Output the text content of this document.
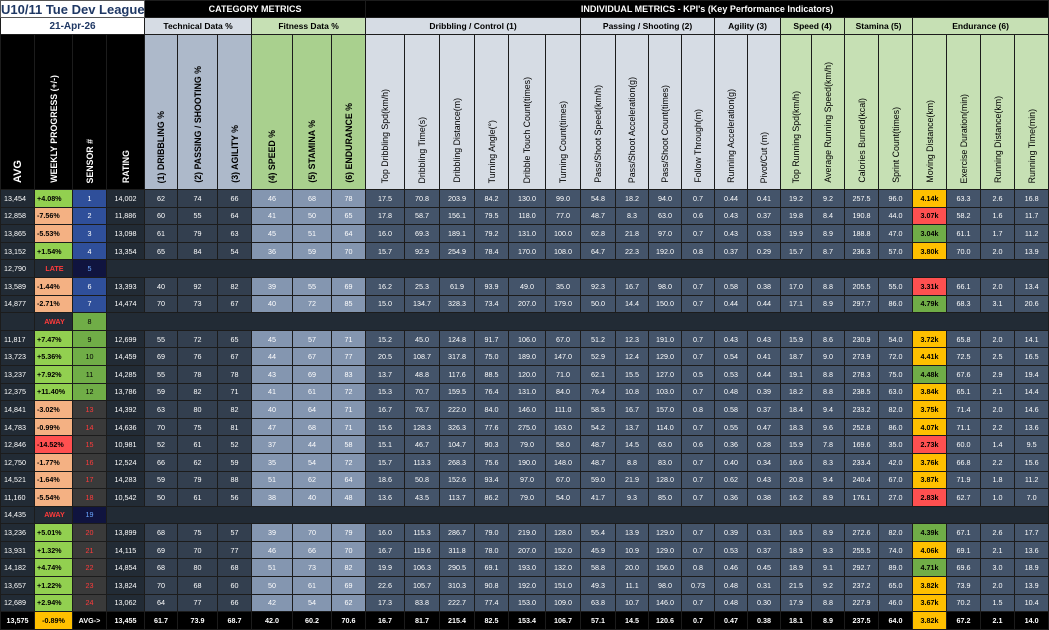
U10/11 Tue Dev League				CATEGORY METRICS						INDIVIDUAL METRICS - KPI's (Key Performance Indicators)																			
21-Apr-26				Technical Data %			Fitness Data %			Dribbling / Control (1)						Passing / Shooting (2)				Agility (3)		Speed (4)		Stamina (5)		Endurance (6)			
AVG	WEEKLY PROGRESS (+/-)	SENSOR #	RATING	(1) DRIBBLING %	(2) PASSING / SHOOTING %	(3) AGILITY %	(4) SPEED %	(5) STAMINA %	(6) ENDURANCE %	Top Dribbling Spd(km/h)	Dribbling Time(s)	Dribbling Distance(m)	Turning Angle(°)	Dribble Touch Count(times)	Turning Count(times)	Pass/Shoot Speed(km/h)	Pass/Shoot Acceleration(g)	Pass/Shoot Count(times)	Follow Through(m)	Running Acceleration(g)	Pivot/Cut (m)	Top Running Spd(km/h)	Average Running Speed(km/h)	Calories Burned(kcal)	Sprint Count(times)	Moving Distance(km)	Exercise Duration(min)	Running Distance(km)	Running Time(min)
13,454	+4.08%	1	14,002	62	74	66	46	68	78	17.5	70.8	203.9	84.2	130.0	99.0	54.8	18.2	94.0	0.7	0.44	0.41	19.2	9.2	257.5	96.0	4.14k	63.3	2.6	16.8
12,858	-7.56%	2	11,886	60	55	64	41	50	65	17.8	58.7	156.1	79.5	118.0	77.0	48.7	8.3	63.0	0.6	0.43	0.37	19.8	8.4	190.8	44.0	3.07k	58.2	1.6	11.7
13,865	-5.53%	3	13,098	61	79	63	45	51	64	16.0	69.3	189.1	79.2	131.0	100.0	62.8	21.8	97.0	0.7	0.43	0.33	19.9	8.9	188.8	47.0	3.04k	61.1	1.7	11.2
13,152	+1.54%	4	13,354	65	84	54	36	59	70	15.7	92.9	254.9	78.4	170.0	108.0	64.7	22.3	192.0	0.8	0.37	0.29	15.7	8.7	236.3	57.0	3.80k	70.0	2.0	13.9
12,790	LATE	5																											
13,589	-1.44%	6	13,393	40	92	82	39	55	69	16.2	25.3	61.9	93.9	49.0	35.0	92.3	16.7	98.0	0.7	0.58	0.38	17.0	8.8	205.5	55.0	3.31k	66.1	2.0	13.4
14,877	-2.71%	7	14,474	70	73	67	40	72	85	15.0	134.7	328.3	73.4	207.0	179.0	50.0	14.4	150.0	0.7	0.44	0.44	17.1	8.9	297.7	86.0	4.79k	68.3	3.1	20.6
	AWAY	8																											
11,817	+7.47%	9	12,699	55	72	65	45	57	71	15.2	45.0	124.8	91.7	106.0	67.0	51.2	12.3	191.0	0.7	0.43	0.43	15.9	8.6	230.9	54.0	3.72k	65.8	2.0	14.1
13,723	+5.36%	10	14,459	69	76	67	44	67	77	20.5	108.7	317.8	75.0	189.0	147.0	52.9	12.4	129.0	0.7	0.54	0.41	18.7	9.0	273.9	72.0	4.41k	72.5	2.5	16.5
13,237	+7.92%	11	14,285	55	78	78	43	69	83	13.7	48.8	117.6	88.5	120.0	71.0	62.1	15.5	127.0	0.5	0.53	0.44	19.1	8.8	278.3	75.0	4.48k	67.6	2.9	19.4
12,375	+11.40%	12	13,786	59	82	71	41	61	72	15.3	70.7	159.5	76.4	131.0	84.0	76.4	10.8	103.0	0.7	0.48	0.39	18.2	8.8	238.5	63.0	3.84k	65.1	2.1	14.4
14,841	-3.02%	13	14,392	63	80	82	40	64	71	16.7	76.7	222.0	84.0	146.0	111.0	58.5	16.7	157.0	0.8	0.58	0.37	18.4	9.4	233.2	82.0	3.75k	71.4	2.0	14.6
14,783	-0.99%	14	14,636	70	75	81	47	68	71	15.6	128.3	326.3	77.6	275.0	163.0	54.2	13.7	114.0	0.7	0.55	0.47	18.3	9.6	252.8	86.0	4.07k	71.1	2.2	13.6
12,846	-14.52%	15	10,981	52	61	52	37	44	58	15.1	46.7	104.7	90.3	79.0	58.0	48.7	14.5	63.0	0.6	0.36	0.28	15.9	7.8	169.6	35.0	2.73k	60.0	1.4	9.5
12,750	-1.77%	16	12,524	66	62	59	35	54	72	15.7	113.3	268.3	75.6	190.0	148.0	48.7	8.8	83.0	0.7	0.40	0.34	16.6	8.3	233.4	42.0	3.76k	66.8	2.2	15.6
14,521	-1.64%	17	14,283	59	79	88	51	62	64	18.6	50.8	152.6	93.4	97.0	67.0	59.0	21.9	128.0	0.7	0.62	0.43	20.8	9.4	240.4	67.0	3.87k	71.9	1.8	11.2
11,160	-5.54%	18	10,542	50	61	56	38	40	48	13.6	43.5	113.7	86.2	79.0	54.0	41.7	9.3	85.0	0.7	0.36	0.38	16.2	8.9	176.1	27.0	2.83k	62.7	1.0	7.0
14,435	AWAY	19																											
13,236	+5.01%	20	13,899	68	75	57	39	70	79	16.0	115.3	286.7	79.0	219.0	128.0	55.4	13.9	129.0	0.7	0.39	0.31	16.5	8.9	272.6	82.0	4.39k	67.1	2.6	17.7
13,931	+1.32%	21	14,115	69	70	77	46	66	70	16.7	119.6	311.8	78.0	207.0	152.0	45.9	10.9	129.0	0.7	0.53	0.37	18.9	9.3	255.5	74.0	4.06k	69.1	2.1	13.6
14,182	+4.74%	22	14,854	68	80	68	51	73	82	19.9	106.3	290.5	69.1	193.0	132.0	58.8	20.0	156.0	0.8	0.46	0.45	18.9	9.1	292.7	89.0	4.71k	69.6	3.0	18.9
13,657	+1.22%	23	13,824	70	68	60	50	61	69	22.6	105.7	310.3	90.8	192.0	151.0	49.3	11.1	98.0	0.73	0.48	0.31	21.5	9.2	237.2	65.0	3.82k	73.9	2.0	13.9
12,689	+2.94%	24	13,062	64	77	66	42	54	62	17.3	83.8	222.7	77.4	153.0	109.0	63.8	10.7	146.0	0.7	0.48	0.30	17.9	8.8	227.9	46.0	3.67k	70.2	1.5	10.4
13,575	-0.89%	AVG->	13,455	61.7	73.9	68.7	42.0	60.2	70.6	16.7	81.7	215.4	82.5	153.4	106.7	57.1	14.5	120.6	0.7	0.47	0.38	18.1	8.9	237.5	64.0	3.82k	67.2	2.1	14.0
